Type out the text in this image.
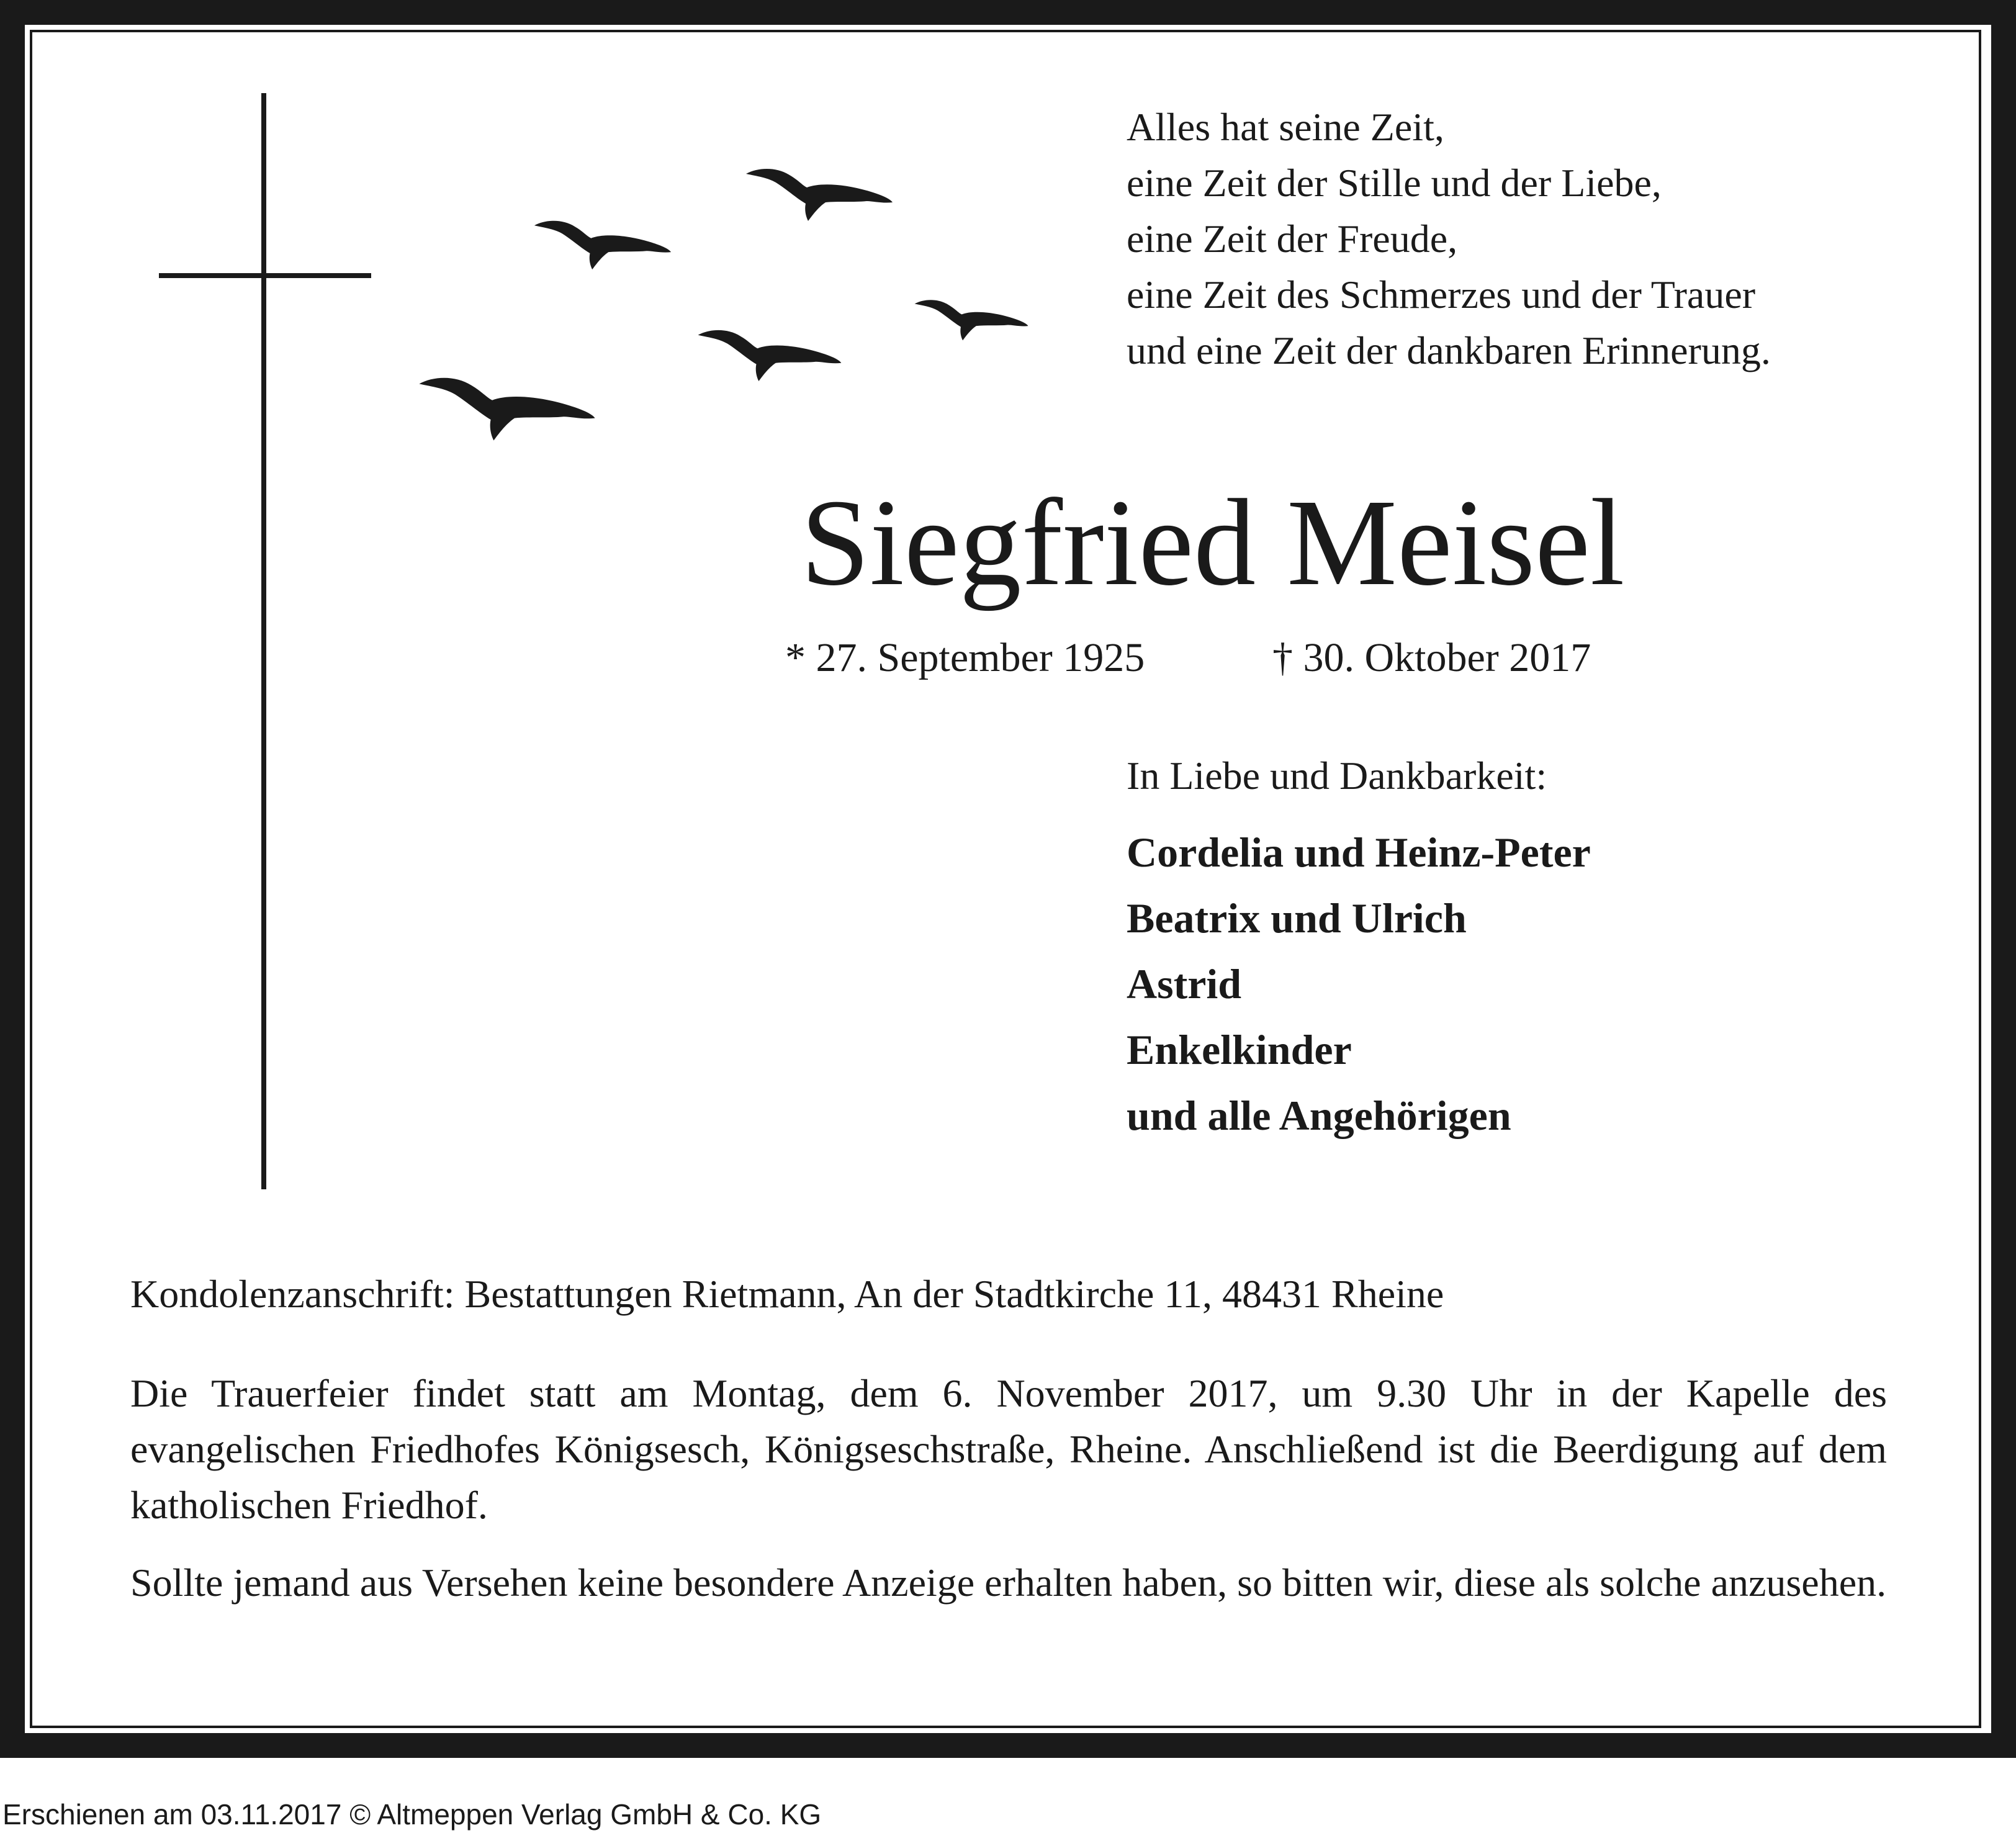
Alles hat seine Zeit,
eine Zeit der Stille und der Liebe,
eine Zeit der Freude,
eine Zeit des Schmerzes und der Trauer
und eine Zeit der dankbaren Erinnerung.
Siegfried Meisel
* 27. September 1925	† 30. Oktober 2017
In Liebe und Dankbarkeit:
Cordelia und Heinz-Peter
Beatrix und Ulrich
Astrid
Enkelkinder
und alle Angehörigen
Kondolenzanschrift: Bestattungen Rietmann, An der Stadtkirche 11, 48431 Rheine
Die Trauerfeier findet statt am Montag, dem 6. November 2017, um 9.30 Uhr in der Kapelle des evangelischen Friedhofes Königsesch, Königseschstraße, Rheine. Anschließend ist die Beerdigung auf dem katholischen Friedhof.
Sollte jemand aus Versehen keine besondere Anzeige erhalten haben, so bitten wir, diese als solche anzusehen.
Erschienen am 03.11.2017 © Altmeppen Verlag GmbH & Co. KG
